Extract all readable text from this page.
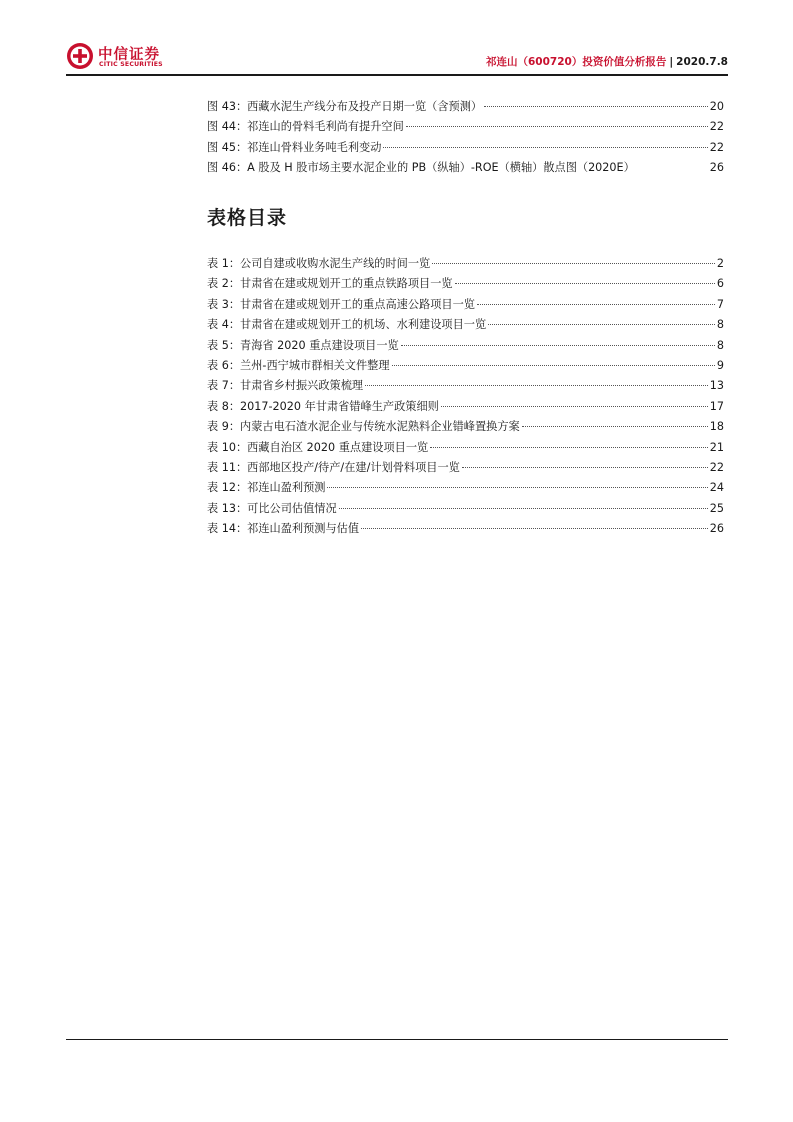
中信证券
CITIC SECURITIES	祁连山（600720）投资价值分析报告 | 2020.7.8
图 43：西藏水泥生产线分布及投产日期一览（含预测）	20
图 44：祁连山的骨料毛利尚有提升空间	22
图 45：祁连山骨料业务吨毛利变动	22
图 46：A 股及 H 股市场主要水泥企业的 PB（纵轴）-ROE（横轴）散点图（2020E）	26
表格目录
表 1：公司自建或收购水泥生产线的时间一览	2
表 2：甘肃省在建或规划开工的重点铁路项目一览	6
表 3：甘肃省在建或规划开工的重点高速公路项目一览	7
表 4：甘肃省在建或规划开工的机场、水利建设项目一览	8
表 5：青海省 2020 重点建设项目一览	8
表 6：兰州-西宁城市群相关文件整理	9
表 7：甘肃省乡村振兴政策梳理	13
表 8：2017-2020 年甘肃省错峰生产政策细则	17
表 9：内蒙古电石渣水泥企业与传统水泥熟料企业错峰置换方案	18
表 10：西藏自治区 2020 重点建设项目一览	21
表 11：西部地区投产/待产/在建/计划骨料项目一览	22
表 12：祁连山盈利预测	24
表 13：可比公司估值情况	25
表 14：祁连山盈利预测与估值	26
